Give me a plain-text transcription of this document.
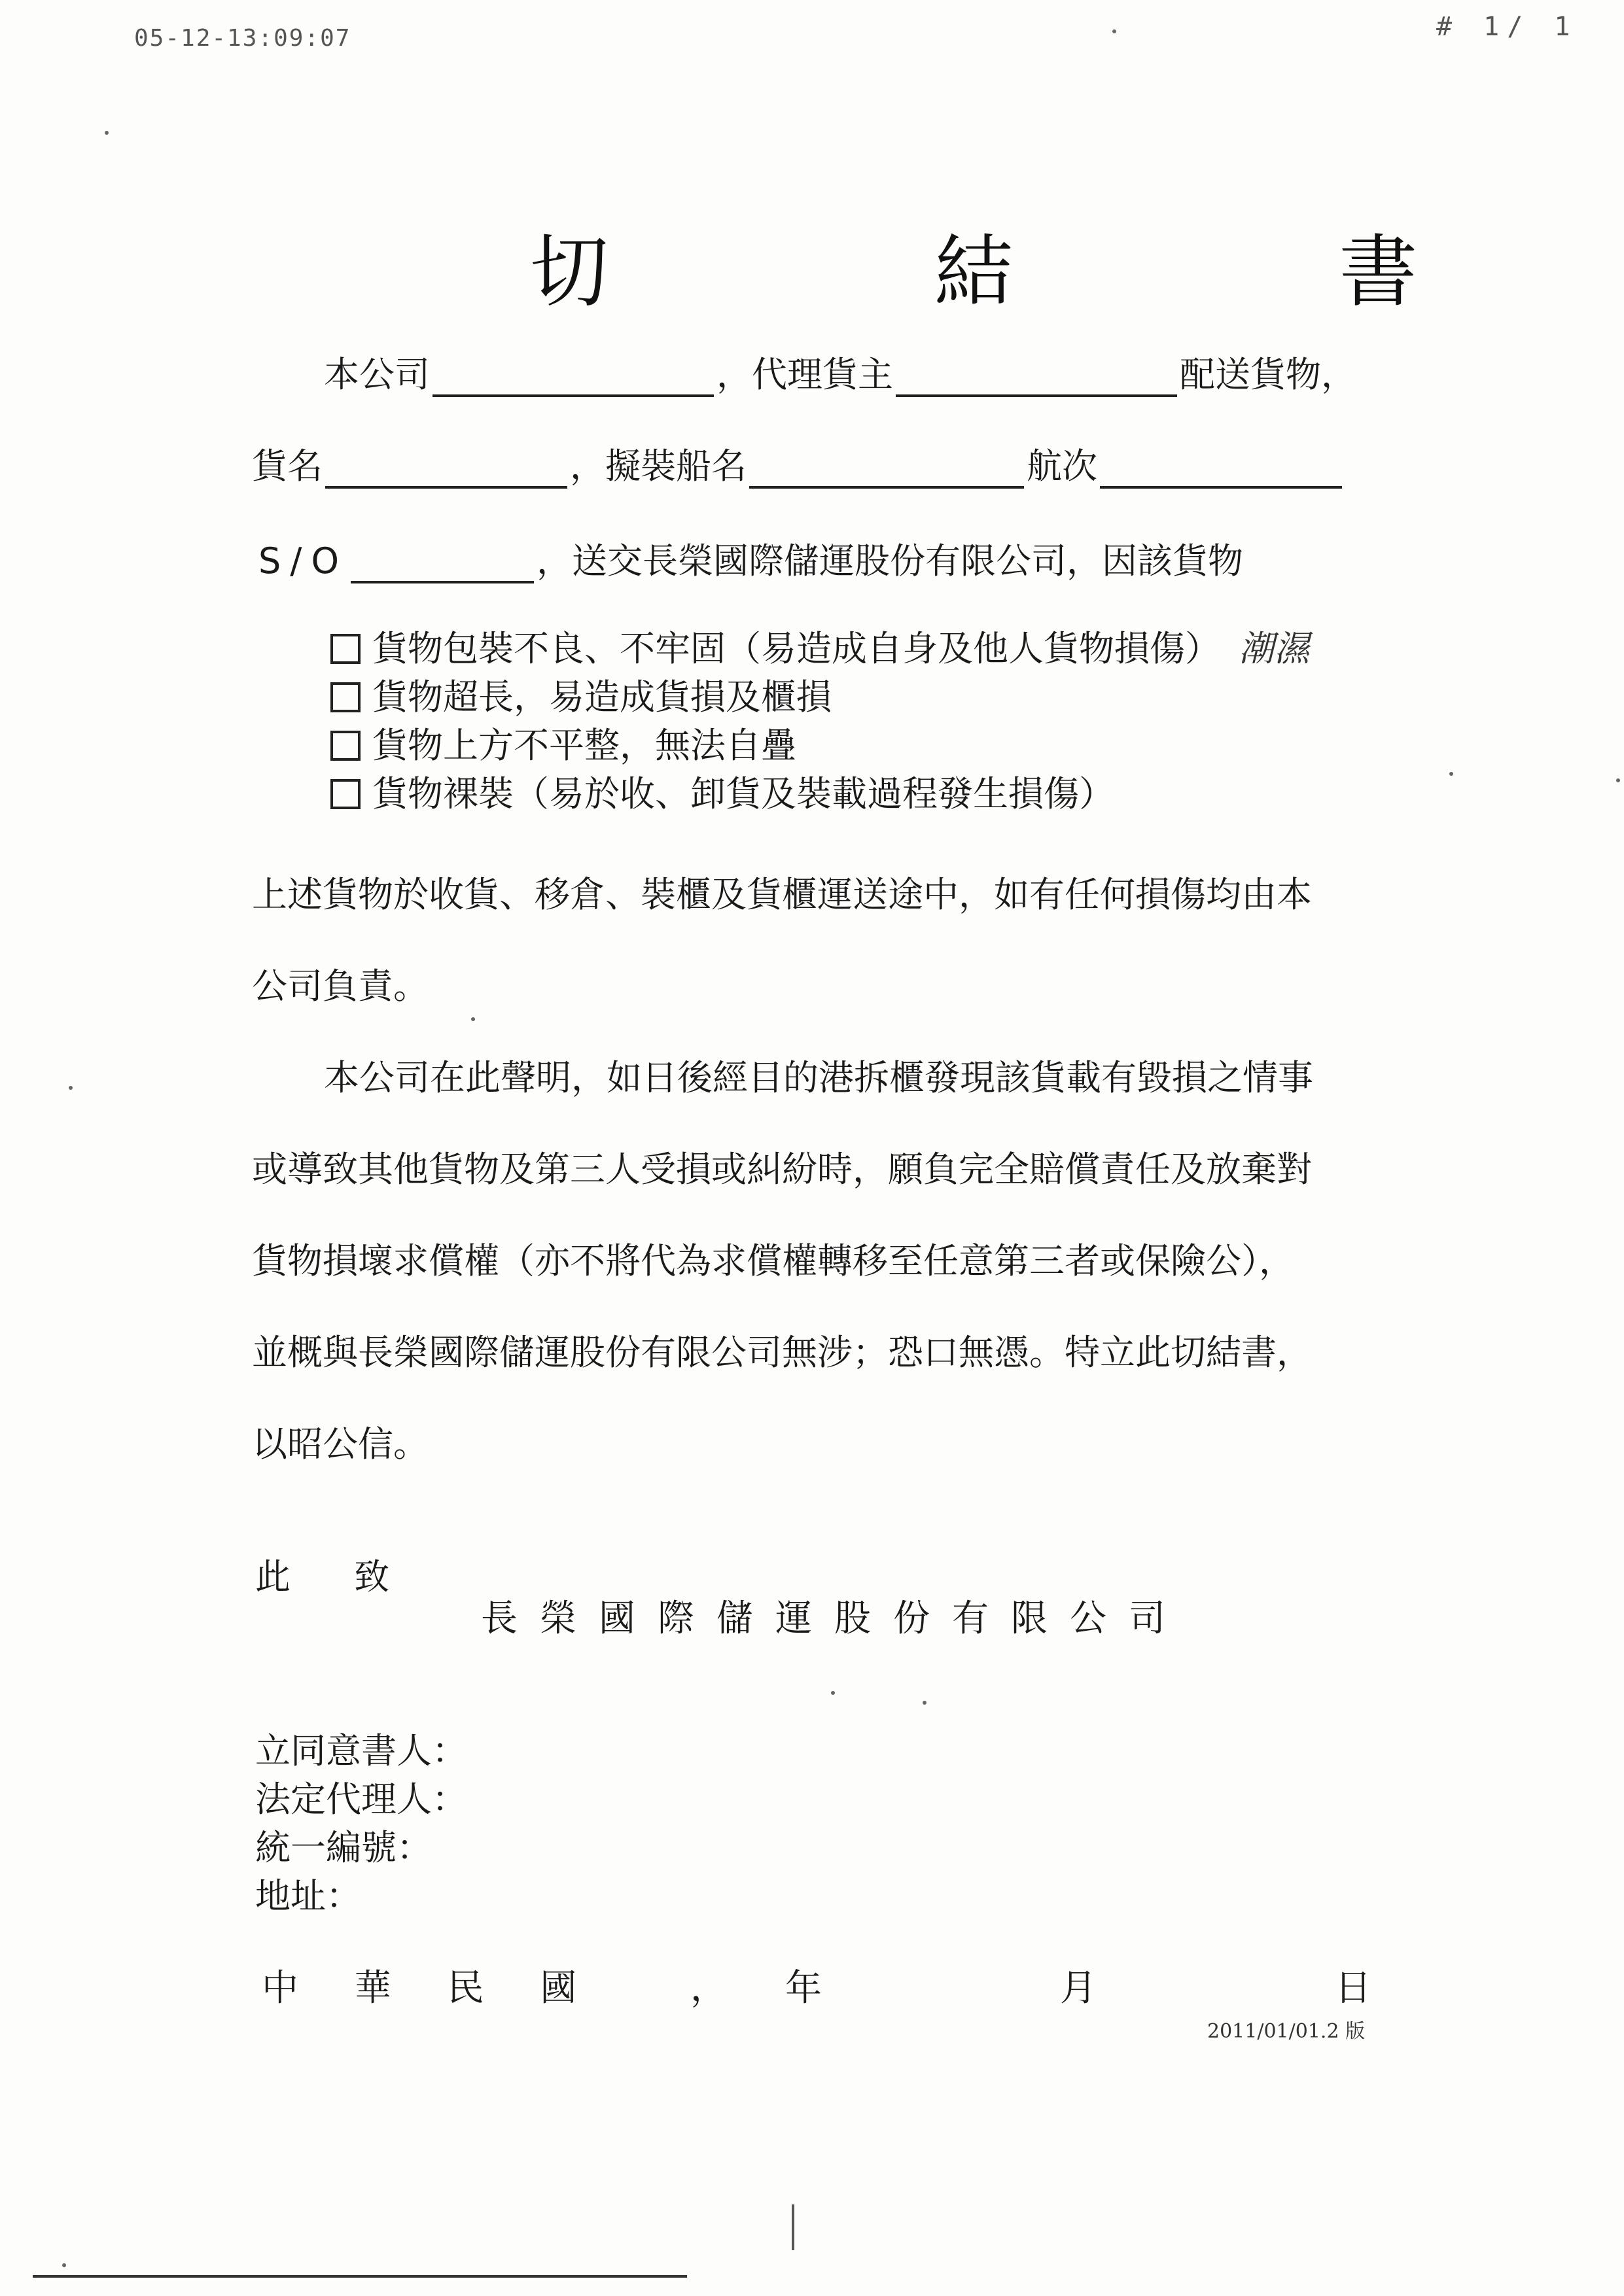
05-12-13:09:07	# 1/ 1
切 結 書
本公司	，代理貨主	配送貨物，
貨名	，擬裝船名	航次
S/O	，送交長榮國際儲運股份有限公司，因該貨物
貨物包裝不良、不牢固（易造成自身及他人貨物損傷） 潮濕
貨物超長，易造成貨損及櫃損
貨物上方不平整，無法自疊
貨物裸裝（易於收、卸貨及裝載過程發生損傷）
上述貨物於收貨、移倉、裝櫃及貨櫃運送途中，如有任何損傷均由本
公司負責。
本公司在此聲明，如日後經目的港拆櫃發現該貨載有毀損之情事
或導致其他貨物及第三人受損或糾紛時，願負完全賠償責任及放棄對
貨物損壞求償權（亦不將代為求償權轉移至任意第三者或保險公），
並概與長榮國際儲運股份有限公司無涉；恐口無憑。特立此切結書，
以昭公信。
此 致
長榮國際儲運股份有限公司
立同意書人：
法定代理人：
統一編號：
地址：
中 華 民 國 ， 年	月	日
2011/01/01.2 版
